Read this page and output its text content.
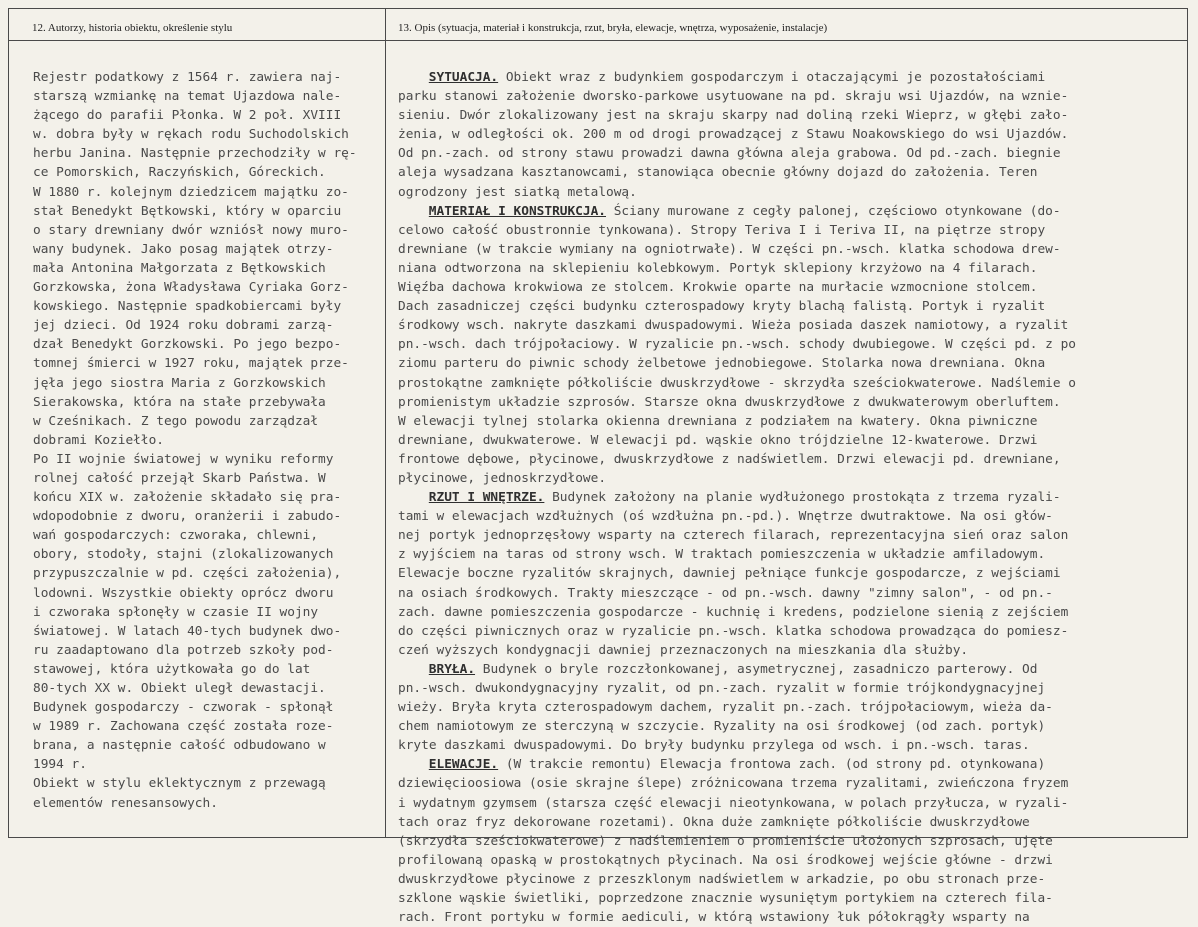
12. Autorzy, historia obiektu, określenie stylu	13. Opis (sytuacja, materiał i konstrukcja, rzut, bryła, elewacje, wnętrza, wyposażenie, instalacje)
Rejestr podatkowy z 1564 r. zawiera naj-
starszą wzmiankę na temat Ujazdowa nale-
żącego do parafii Płonka. W 2 poł. XVIII
w. dobra były w rękach rodu Suchodolskich
herbu Janina. Następnie przechodziły w rę-
ce Pomorskich, Raczyńskich, Góreckich.
W 1880 r. kolejnym dziedzicem majątku zo-
stał Benedykt Bętkowski, który w oparciu
o stary drewniany dwór wzniósł nowy muro-
wany budynek. Jako posag majątek otrzy-
mała Antonina Małgorzata z Bętkowskich
Gorzkowska, żona Władysława Cyriaka Gorz-
kowskiego. Następnie spadkobiercami były
jej dzieci. Od 1924 roku dobrami zarzą-
dzał Benedykt Gorzkowski. Po jego bezpo-
tomnej śmierci w 1927 roku, majątek prze-
jęła jego siostra Maria z Gorzkowskich
Sierakowska, która na stałe przebywała
w Cześnikach. Z tego powodu zarządzał
dobrami Koziełło.
Po II wojnie światowej w wyniku reformy
rolnej całość przejął Skarb Państwa. W
końcu XIX w. założenie składało się pra-
wdopodobnie z dworu, oranżerii i zabudo-
wań gospodarczych: czworaka, chlewni,
obory, stodoły, stajni (zlokalizowanych
przypuszczalnie w pd. części założenia),
lodowni. Wszystkie obiekty oprócz dworu
i czworaka spłonęły w czasie II wojny
światowej. W latach 40-tych budynek dwo-
ru zaadaptowano dla potrzeb szkoły pod-
stawowej, która użytkowała go do lat
80-tych XX w. Obiekt uległ dewastacji.
Budynek gospodarczy - czworak - spłonął
w 1989 r. Zachowana część została roze-
brana, a następnie całość odbudowano w
1994 r.
Obiekt w stylu eklektycznym z przewagą
elementów renesansowych.
SYTUACJA. Obiekt wraz z budynkiem gospodarczym i otaczającymi je pozostałościami
parku stanowi założenie dworsko-parkowe usytuowane na pd. skraju wsi Ujazdów, na wznie-
sieniu. Dwór zlokalizowany jest na skraju skarpy nad doliną rzeki Wieprz, w głębi zało-
żenia, w odległości ok. 200 m od drogi prowadzącej z Stawu Noakowskiego do wsi Ujazdów.
Od pn.-zach. od strony stawu prowadzi dawna główna aleja grabowa. Od pd.-zach. biegnie
aleja wysadzana kasztanowcami, stanowiąca obecnie główny dojazd do założenia. Teren
ogrodzony jest siatką metalową.
MATERIAŁ I KONSTRUKCJA. Ściany murowane z cegły palonej, częściowo otynkowane (do-
celowo całość obustronnie tynkowana). Stropy Teriva I i Teriva II, na piętrze stropy
drewniane (w trakcie wymiany na ogniotrwałe). W części pn.-wsch. klatka schodowa drew-
niana odtworzona na sklepieniu kolebkowym. Portyk sklepiony krzyżowo na 4 filarach.
Więźba dachowa krokwiowa ze stolcem. Krokwie oparte na murłacie wzmocnione stolcem.
Dach zasadniczej części budynku czterospadowy kryty blachą falistą. Portyk i ryzalit
środkowy wsch. nakryte daszkami dwuspadowymi. Wieża posiada daszek namiotowy, a ryzalit
pn.-wsch. dach trójpołaciowy. W ryzalicie pn.-wsch. schody dwubiegowe. W części pd. z po
ziomu parteru do piwnic schody żelbetowe jednobiegowe. Stolarka nowa drewniana. Okna
prostokątne zamknięte półkoliście dwuskrzydłowe - skrzydła sześciokwaterowe. Nadślemie o
promienistym układzie szprosów. Starsze okna dwuskrzydłowe z dwukwaterowym oberluftem.
W elewacji tylnej stolarka okienna drewniana z podziałem na kwatery. Okna piwniczne
drewniane, dwukwaterowe. W elewacji pd. wąskie okno trójdzielne 12-kwaterowe. Drzwi
frontowe dębowe, płycinowe, dwuskrzydłowe z nadświetlem. Drzwi elewacji pd. drewniane,
płycinowe, jednoskrzydłowe.
RZUT I WNĘTRZE. Budynek założony na planie wydłużonego prostokąta z trzema ryzali-
tami w elewacjach wzdłużnych (oś wzdłużna pn.-pd.). Wnętrze dwutraktowe. Na osi głów-
nej portyk jednoprzęsłowy wsparty na czterech filarach, reprezentacyjna sień oraz salon
z wyjściem na taras od strony wsch. W traktach pomieszczenia w układzie amfiladowym.
Elewacje boczne ryzalitów skrajnych, dawniej pełniące funkcje gospodarcze, z wejściami
na osiach środkowych. Trakty mieszczące - od pn.-wsch. dawny "zimny salon", - od pn.-
zach. dawne pomieszczenia gospodarcze - kuchnię i kredens, podzielone sienią z zejściem
do części piwnicznych oraz w ryzalicie pn.-wsch. klatka schodowa prowadząca do pomiesz-
czeń wyższych kondygnacji dawniej przeznaczonych na mieszkania dla służby.
BRYŁA. Budynek o bryle rozczłonkowanej, asymetrycznej, zasadniczo parterowy. Od
pn.-wsch. dwukondygnacyjny ryzalit, od pn.-zach. ryzalit w formie trójkondygnacyjnej
wieży. Bryła kryta czterospadowym dachem, ryzalit pn.-zach. trójpołaciowym, wieża da-
chem namiotowym ze sterczyną w szczycie. Ryzality na osi środkowej (od zach. portyk)
kryte daszkami dwuspadowymi. Do bryły budynku przylega od wsch. i pn.-wsch. taras.
ELEWACJE. (W trakcie remontu) Elewacja frontowa zach. (od strony pd. otynkowana)
dziewięcioosiowa (osie skrajne ślepe) zróżnicowana trzema ryzalitami, zwieńczona fryzem
i wydatnym gzymsem (starsza część elewacji nieotynkowana, w polach przyłucza, w ryzali-
tach oraz fryz dekorowane rozetami). Okna duże zamknięte półkoliście dwuskrzydłowe
(skrzydła sześciokwaterowe) z nadślemieniem o promieniście ułożonych szprosach, ujęte
profilowaną opaską w prostokątnych płycinach. Na osi środkowej wejście główne - drzwi
dwuskrzydłowe płycinowe z przeszklonym nadświetlem w arkadzie, po obu stronach prze-
szklone wąskie świetliki, poprzedzone znacznie wysuniętym portykiem na czterech fila-
rach. Front portyku w formie aediculi, w którą wstawiony łuk półokrągły wsparty na
